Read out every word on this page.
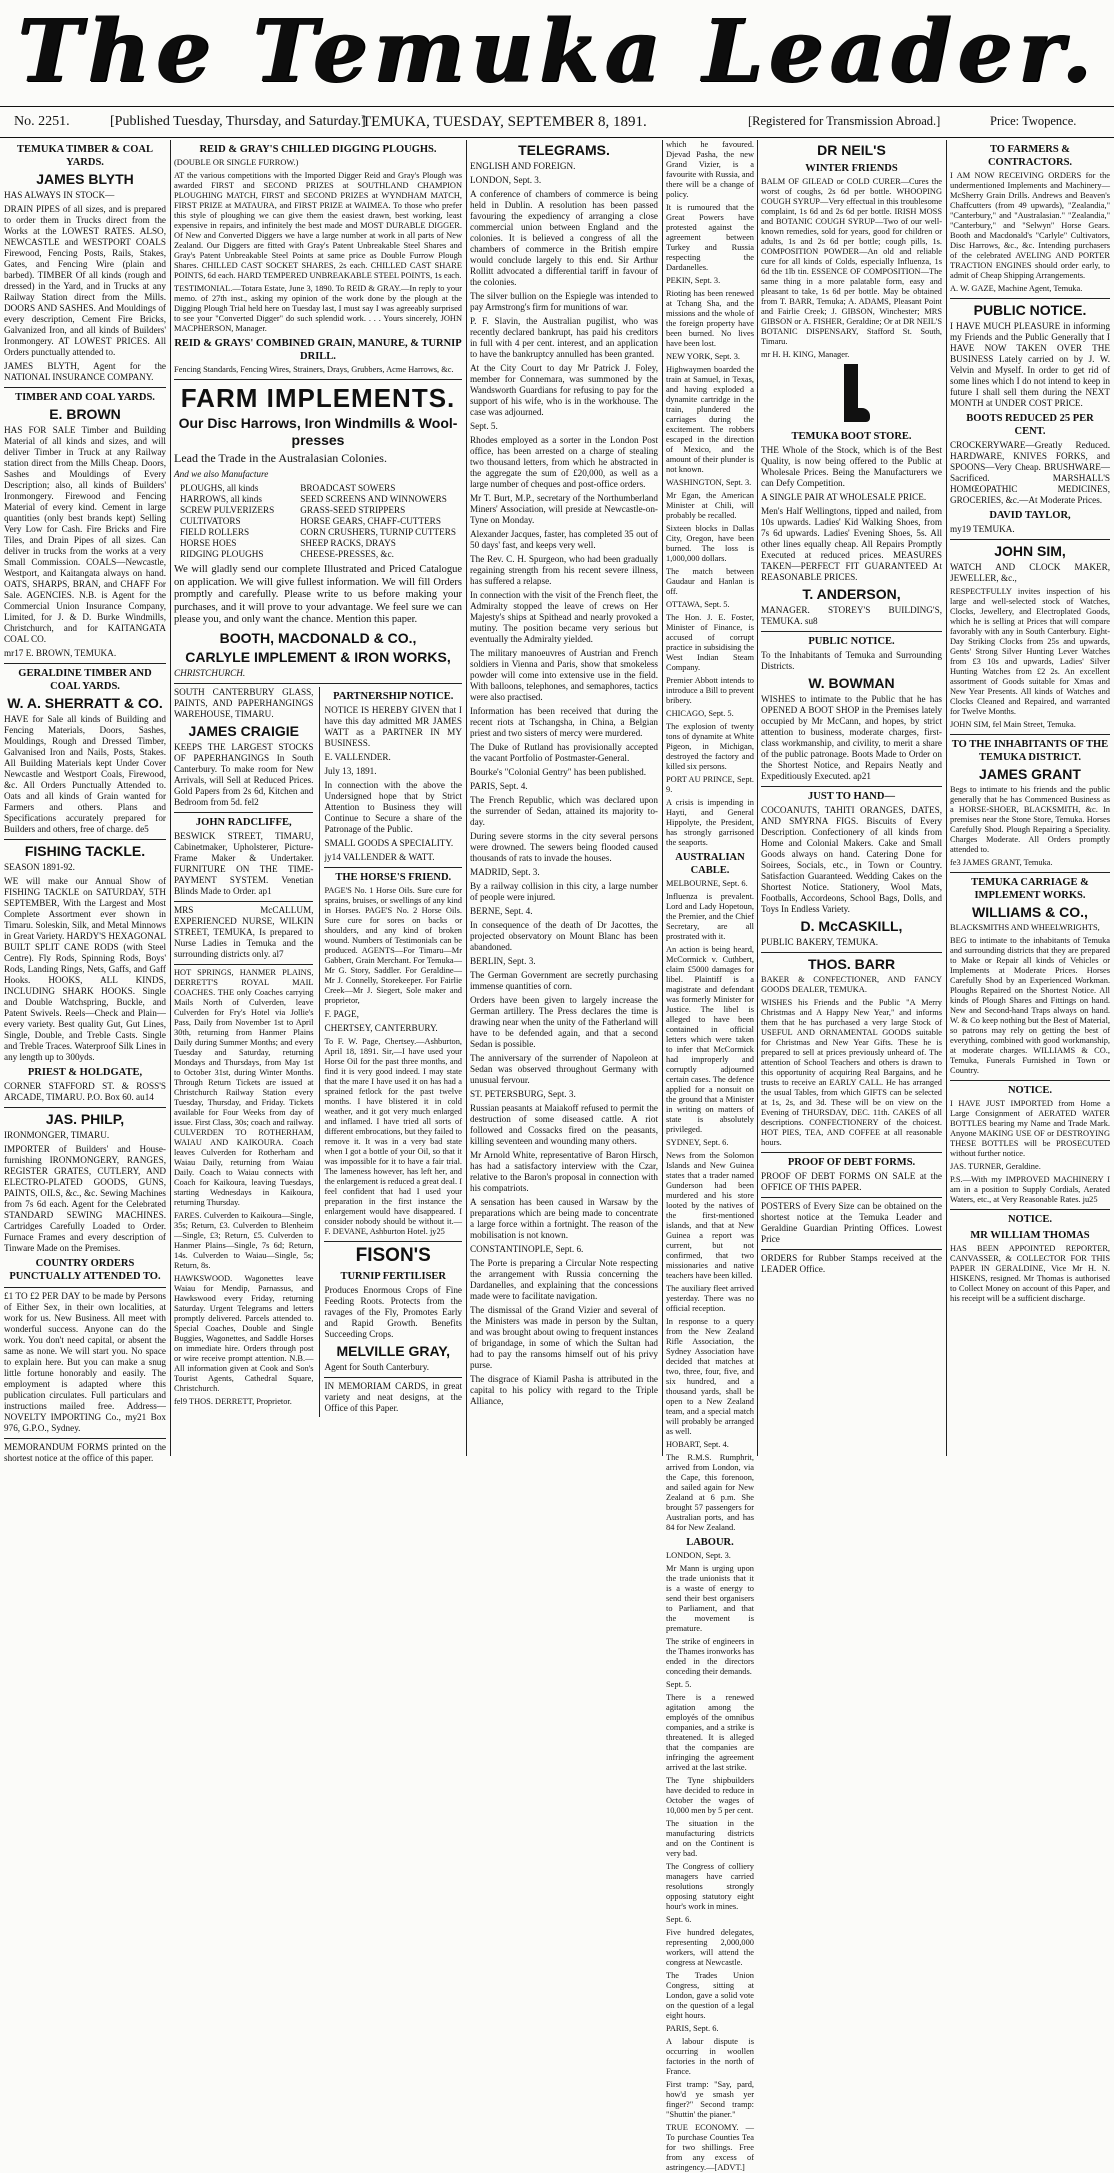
The Temuka Leader.
No. 2251.	[Published Tuesday, Thursday, and Saturday.]
TEMUKA, TUESDAY, SEPTEMBER 8, 1891.	[Registered for Transmission Abroad.]	Price: Twopence.
TEMUKA TIMBER & COAL YARDS.
JAMES BLYTH

HAS ALWAYS IN STOCK—

DRAIN PIPES of all sizes, and is prepared to order them in Trucks direct from the Works at the LOWEST RATES. ALSO, NEWCASTLE and WESTPORT COALS Firewood, Fencing Posts, Rails, Stakes, Gates, and Fencing Wire (plain and barbed). TIMBER Of all kinds (rough and dressed) in the Yard, and in Trucks at any Railway Station direct from the Mills. DOORS AND SASHES. And Mouldings of every description, Cement Fire Bricks, Galvanized Iron, and all kinds of Builders' Ironmongery. AT LOWEST PRICES. All Orders punctually attended to.

JAMES BLYTH, Agent for the NATIONAL INSURANCE COMPANY.

TIMBER AND COAL YARDS.
E. BROWN

HAS FOR SALE Timber and Building Material of all kinds and sizes, and will deliver Timber in Truck at any Railway station direct from the Mills Cheap. Doors, Sashes and Mouldings of Every Description; also, all kinds of Builders' Ironmongery. Firewood and Fencing Material of every kind. Cement in large quantities (only best brands kept) Selling Very Low for Cash. Fire Bricks and Fire Tiles, and Drain Pipes of all sizes. Can deliver in trucks from the works at a very Small Commission. COALS—Newcastle, Westport, and Kaitangata always on hand. OATS, SHARPS, BRAN, and CHAFF For Sale. AGENCIES. N.B. is Agent for the Commercial Union Insurance Company, Limited, for J. & D. Burke Windmills, Christchurch, and for KAITANGATA COAL CO.

mr17 E. BROWN, TEMUKA.

GERALDINE TIMBER AND COAL YARDS.
W. A. SHERRATT & CO.

HAVE for Sale all kinds of Building and Fencing Materials, Doors, Sashes, Mouldings, Rough and Dressed Timber, Galvanised Iron and Nails, Posts, Stakes. All Building Materials kept Under Cover Newcastle and Westport Coals, Firewood, &c. All Orders Punctually Attended to. Oats and all kinds of Grain wanted for Farmers and others. Plans and Specifications accurately prepared for Builders and others, free of charge. de5

FISHING TACKLE.

SEASON 1891-92.

WE will make our Annual Show of FISHING TACKLE on SATURDAY, 5TH SEPTEMBER, With the Largest and Most Complete Assortment ever shown in Timaru. Soleskin, Silk, and Metal Minnows in Great Variety. HARDY'S HEXAGONAL BUILT SPLIT CANE RODS (with Steel Centre). Fly Rods, Spinning Rods, Boys' Rods, Landing Rings, Nets, Gaffs, and Gaff Hooks. HOOKS, ALL KINDS, INCLUDING SHARK HOOKS. Single and Double Watchspring, Buckle, and Patent Swivels. Reels—Check and Plain—every variety. Best quality Gut, Gut Lines, Single, Double, and Treble Casts. Single and Treble Traces. Waterproof Silk Lines in any length up to 300yds.

PRIEST & HOLDGATE,

CORNER STAFFORD ST. & ROSS'S ARCADE, TIMARU. P.O. Box 60. au14

JAS. PHILP,

IRONMONGER, TIMARU.

IMPORTER of Builders' and House-furnishing IRONMONGERY, RANGES, REGISTER GRATES, CUTLERY, AND ELECTRO-PLATED GOODS, GUNS, PAINTS, OILS, &c., &c. Sewing Machines from 7s 6d each. Agent for the Celebrated STANDARD SEWING MACHINES. Cartridges Carefully Loaded to Order. Furnace Frames and every description of Tinware Made on the Premises.

COUNTRY ORDERS PUNCTUALLY ATTENDED TO.

£1 TO £2 PER DAY to be made by Persons of Either Sex, in their own localities, at work for us. New Business. All meet with wonderful success. Anyone can do the work. You don't need capital, or absent the same as none. We will start you. No space to explain here. But you can make a snug little fortune honorably and easily. The employment is adapted where this publication circulates. Full particulars and instructions mailed free. Address—NOVELTY IMPORTING Co., my21 Box 976, G.P.O., Sydney.

MEMORANDUM FORMS printed on the shortest notice at the office of this paper.

REID & GRAY'S CHILLED DIGGING PLOUGHS.

(DOUBLE OR SINGLE FURROW.)

AT the various competitions with the Imported Digger Reid and Gray's Plough was awarded FIRST and SECOND PRIZES at SOUTHLAND CHAMPION PLOUGHING MATCH, FIRST and SECOND PRIZES at WYNDHAM MATCH, FIRST PRIZE at MATAURA, and FIRST PRIZE at WAIMEA. To those who prefer this style of ploughing we can give them the easiest drawn, best working, least expensive in repairs, and infinitely the best made and MOST DURABLE DIGGER. Of New and Converted Diggers we have a large number at work in all parts of New Zealand. Our Diggers are fitted with Gray's Patent Unbreakable Steel Shares and Gray's Patent Unbreakable Steel Points at same price as Double Furrow Plough Shares. CHILLED CAST SOCKET SHARES, 2s each. CHILLED CAST SHARE POINTS, 6d each. HARD TEMPERED UNBREAKABLE STEEL POINTS, 1s each.

TESTIMONIAL.—Totara Estate, June 3, 1890. To REID & GRAY.—In reply to your memo. of 27th inst., asking my opinion of the work done by the plough at the Digging Plough Trial held here on Tuesday last, I must say I was agreeably surprised to see your "Converted Digger" do such splendid work. . . . Yours sincerely, JOHN MACPHERSON, Manager.

REID & GRAYS' COMBINED GRAIN, MANURE, & TURNIP DRILL.

Fencing Standards, Fencing Wires, Strainers, Drays, Grubbers, Acme Harrows, &c.

FARM IMPLEMENTS.
Our Disc Harrows, Iron Windmills & Wool-presses

Lead the Trade in the Australasian Colonies.

And we also Manufacture

PLOUGHS, all kinds
HARROWS, all kinds
SCREW PULVERIZERS
CULTIVATORS
FIELD ROLLERS
HORSE HOES
RIDGING PLOUGHS
BROADCAST SOWERS
SEED SCREENS AND WINNOWERS
GRASS-SEED STRIPPERS
HORSE GEARS, CHAFF-CUTTERS
CORN CRUSHERS, TURNIP CUTTERS
SHEEP RACKS, DRAYS
CHEESE-PRESSES, &c.

We will gladly send our complete Illustrated and Priced Catalogue on application. We will give fullest information. We will fill Orders promptly and carefully. Please write to us before making your purchases, and it will prove to your advantage. We feel sure we can please you, and only want the chance. Mention this paper.

BOOTH, MACDONALD & CO.,
CARLYLE IMPLEMENT & IRON WORKS,

CHRISTCHURCH.

SOUTH CANTERBURY GLASS, PAINTS, AND PAPERHANGINGS WAREHOUSE, TIMARU.

JAMES CRAIGIE

KEEPS THE LARGEST STOCKS OF PAPERHANGINGS In South Canterbury. To make room for New Arrivals, will Sell at Reduced Prices. Gold Papers from 2s 6d, Kitchen and Bedroom from 5d. fel2

JOHN RADCLIFFE,

BESWICK STREET, TIMARU, Cabinetmaker, Upholsterer, Picture-Frame Maker & Undertaker. FURNITURE ON THE TIME-PAYMENT SYSTEM. Venetian Blinds Made to Order. ap1

MRS McCALLUM, EXPERIENCED NURSE, WILKIN STREET, TEMUKA, Is prepared to Nurse Ladies in Temuka and the surrounding districts only. al7

HOT SPRINGS, HANMER PLAINS, DERRETT'S ROYAL MAIL COACHES. THE only Coaches carrying Mails North of Culverden, leave Culverden for Fry's Hotel via Jollie's Pass, Daily from November 1st to April 30th, returning from Hanmer Plains Daily during Summer Months; and every Tuesday and Saturday, returning Mondays and Thursdays, from May 1st to October 31st, during Winter Months. Through Return Tickets are issued at Christchurch Railway Station every Tuesday, Thursday, and Friday. Tickets available for Four Weeks from day of issue. First Class, 30s; coach and railway. CULVERDEN TO ROTHERHAM, WAIAU AND KAIKOURA. Coach leaves Culverden for Rotherham and Waiau Daily, returning from Waiau Daily. Coach to Waiau connects with Coach for Kaikoura, leaving Tuesdays, starting Wednesdays in Kaikoura, returning Thursday.

FARES. Culverden to Kaikoura—Single, 35s; Return, £3. Culverden to Blenheim—Single, £3; Return, £5. Culverden to Hanmer Plains—Single, 7s 6d; Return, 14s. Culverden to Waiau—Single, 5s; Return, 8s.

HAWKSWOOD. Wagonettes leave Waiau for Mendip, Parnassus, and Hawkswood every Friday, returning Saturday. Urgent Telegrams and letters promptly delivered. Parcels attended to. Special Coaches, Double and Single Buggies, Wagonettes, and Saddle Horses on immediate hire. Orders through post or wire receive prompt attention. N.B.—All information given at Cook and Son's Tourist Agents, Cathedral Square, Christchurch.

fel9 THOS. DERRETT, Proprietor.

PARTNERSHIP NOTICE.

NOTICE IS HEREBY GIVEN that I have this day admitted MR JAMES WATT as a PARTNER IN MY BUSINESS.

E. VALLENDER.

July 13, 1891.

In connection with the above the Undersigned hope that by Strict Attention to Business they will Continue to Secure a share of the Patronage of the Public.

SMALL GOODS A SPECIALITY.

jy14 VALLENDER & WATT.

THE HORSE'S FRIEND.

PAGE'S No. 1 Horse Oils. Sure cure for sprains, bruises, or swellings of any kind in Horses. PAGE'S No. 2 Horse Oils. Sure cure for sores on backs or shoulders, and any kind of broken wound. Numbers of Testimonials can be produced. AGENTS—For Timaru—Mr Gabbert, Grain Merchant. For Temuka—Mr G. Story, Saddler. For Geraldine—Mr J. Connelly, Storekeeper. For Fairlie Creek—Mr J. Siegert, Sole maker and proprietor,

F. PAGE,

CHERTSEY, CANTERBURY.

To F. W. Page, Chertsey.—Ashburton, April 18, 1891. Sir,—I have used your Horse Oil for the past three months, and find it is very good indeed. I may state that the mare I have used it on has had a sprained fetlock for the past twelve months. I have blistered it in cold weather, and it got very much enlarged and inflamed. I have tried all sorts of different embrocations, but they failed to remove it. It was in a very bad state when I got a bottle of your Oil, so that it was impossible for it to have a fair trial. The lameness however, has left her, and the enlargement is reduced a great deal. I feel confident that had I used your preparation in the first instance the enlargement would have disappeared. I consider nobody should be without it.—F. DEVANE, Ashburton Hotel. jy25

FISON'S
TURNIP FERTILISER

Produces Enormous Crops of Fine Feeding Roots. Protects from the ravages of the Fly, Promotes Early and Rapid Growth. Benefits Succeeding Crops.

MELVILLE GRAY,

Agent for South Canterbury.

IN MEMORIAM CARDS, in great variety and neat designs, at the Office of this Paper.

TELEGRAMS.

ENGLISH AND FOREIGN.

LONDON, Sept. 3.

A conference of chambers of commerce is being held in Dublin. A resolution has been passed favouring the expediency of arranging a close commercial union between England and the colonies. It is believed a congress of all the chambers of commerce in the British empire would conclude largely to this end. Sir Arthur Rollitt advocated a differential tariff in favour of the colonies.

The silver bullion on the Espiegle was intended to pay Armstrong's firm for munitions of war.

P. F. Slavin, the Australian pugilist, who was recently declared bankrupt, has paid his creditors in full with 4 per cent. interest, and an application to have the bankruptcy annulled has been granted.

At the City Court to day Mr Patrick J. Foley, member for Connemara, was summoned by the Wandsworth Guardians for refusing to pay for the support of his wife, who is in the workhouse. The case was adjourned.

Sept. 5.

Rhodes employed as a sorter in the London Post office, has been arrested on a charge of stealing two thousand letters, from which he abstracted in the aggregate the sum of £20,000, as well as a large number of cheques and post-office orders.

Mr T. Burt, M.P., secretary of the Northumberland Miners' Association, will preside at Newcastle-on-Tyne on Monday.

Alexander Jacques, faster, has completed 35 out of 50 days' fast, and keeps very well.

The Rev. C. H. Spurgeon, who had been gradually regaining strength from his recent severe illness, has suffered a relapse.

In connection with the visit of the French fleet, the Admiralty stopped the leave of crews on Her Majesty's ships at Spithead and nearly provoked a mutiny. The position became very serious but eventually the Admiralty yielded.

The military manoeuvres of Austrian and French soldiers in Vienna and Paris, show that smokeless powder will come into extensive use in the field. With balloons, telephones, and semaphores, tactics were also practised.

Information has been received that during the recent riots at Tschangsha, in China, a Belgian priest and two sisters of mercy were murdered.

The Duke of Rutland has provisionally accepted the vacant Portfolio of Postmaster-General.

Bourke's "Colonial Gentry" has been published.

PARIS, Sept. 4.

The French Republic, which was declared upon the surrender of Sedan, attained its majority to-day.

During severe storms in the city several persons were drowned. The sewers being flooded caused thousands of rats to invade the houses.

MADRID, Sept. 3.

By a railway collision in this city, a large number of people were injured.

BERNE, Sept. 4.

In consequence of the death of Dr Jacottes, the projected observatory on Mount Blanc has been abandoned.

BERLIN, Sept. 3.

The German Government are secretly purchasing immense quantities of corn.

Orders have been given to largely increase the German artillery. The Press declares the time is drawing near when the unity of the Fatherland will have to be defended again, and that a second Sedan is possible.

The anniversary of the surrender of Napoleon at Sedan was observed throughout Germany with unusual fervour.

ST. PETERSBURG, Sept. 3.

Russian peasants at Maiakoff refused to permit the destruction of some diseased cattle. A riot followed and Cossacks fired on the peasants, killing seventeen and wounding many others.

Mr Arnold White, representative of Baron Hirsch, has had a satisfactory interview with the Czar, relative to the Baron's proposal in connection with his compatriots.

A sensation has been caused in Warsaw by the preparations which are being made to concentrate a large force within a fortnight. The reason of the mobilisation is not known.

CONSTANTINOPLE, Sept. 6.

The Porte is preparing a Circular Note respecting the arrangement with Russia concerning the Dardanelles, and explaining that the concessions made were to facilitate navigation.

The dismissal of the Grand Vizier and several of the Ministers was made in person by the Sultan, and was brought about owing to frequent instances of brigandage, in some of which the Sultan had had to pay the ransoms himself out of his privy purse.

The disgrace of Kiamil Pasha is attributed in the capital to his policy with regard to the Triple Alliance,

which he favoured. Djevad Pasha, the new Grand Vizier, is a favourite with Russia, and there will be a change of policy.

It is rumoured that the Great Powers have protested against the agreement between Turkey and Russia respecting the Dardanelles.

PEKIN, Sept. 3.

Rioting has been renewed at Tchang Sha, and the missions and the whole of the foreign property have been burned. No lives have been lost.

NEW YORK, Sept. 3.

Highwaymen boarded the train at Samuel, in Texas, and having exploded a dynamite cartridge in the train, plundered the carriages during the excitement. The robbers escaped in the direction of Mexico, and the amount of their plunder is not known.

WASHINGTON, Sept. 3.

Mr Egan, the American Minister at Chili, will probably be recalled.

Sixteen blocks in Dallas City, Oregon, have been burned. The loss is 1,000,000 dollars.

The match between Gaudaur and Hanlan is off.

OTTAWA, Sept. 5.

The Hon. J. E. Foster, Minister of Finance, is accused of corrupt practice in subsidising the West Indian Steam Company.

Premier Abbott intends to introduce a Bill to prevent bribery.

CHICAGO, Sept. 5.

The explosion of twenty tons of dynamite at White Pigeon, in Michigan, destroyed the factory and killed six persons.

PORT AU PRINCE, Sept. 9.

A crisis is impending in Hayti, and General Hippolyte, the President, has strongly garrisoned the seaports.

AUSTRALIAN CABLE.

MELBOURNE, Sept. 6.

Influenza is prevalent. Lord and Lady Hopetoun, the Premier, and the Chief Secretary, are all prostrated with it.

An action is being heard, McCormick v. Cuthbert, claim £5000 damages for libel. Plaintiff is a magistrate and defendant was formerly Minister for Justice. The libel is alleged to have been contained in official letters which were taken to infer that McCormick had improperly and corruptly adjourned certain cases. The defence applied for a nonsuit on the ground that a Minister in writing on matters of state is absolutely privileged.

SYDNEY, Sept. 6.

News from the Solomon Islands and New Guinea states that a trader named Gunderson had been murdered and his store looted by the natives of the first-mentioned islands, and that at New Guinea a report was current, but not confirmed, that two missionaries and native teachers have been killed.

The auxiliary fleet arrived yesterday. There was no official reception.

In response to a query from the New Zealand Rifle Association, the Sydney Association have decided that matches at two, three, four, five, and six hundred, and a thousand yards, shall be open to a New Zealand team, and a special match will probably be arranged as well.

HOBART, Sept. 4.

The R.M.S. Rumphrit, arrived from London, via the Cape, this forenoon, and sailed again for New Zealand at 6 p.m. She brought 57 passengers for Australian ports, and has 84 for New Zealand.

LABOUR.

LONDON, Sept. 3.

Mr Mann is urging upon the trade unionists that it is a waste of energy to send their best organisers to Parliament, and that the movement is premature.

The strike of engineers in the Thames ironworks has ended in the directors conceding their demands.

Sept. 5.

There is a renewed agitation among the employés of the omnibus companies, and a strike is threatened. It is alleged that the companies are infringing the agreement arrived at the last strike.

The Tyne shipbuilders have decided to reduce in October the wages of 10,000 men by 5 per cent.

The situation in the manufacturing districts and on the Continent is very bad.

The Congress of colliery managers have carried resolutions strongly opposing statutory eight hour's work in mines.

Sept. 6.

Five hundred delegates, representing 2,000,000 workers, will attend the congress at Newcastle.

The Trades Union Congress, sitting at London, gave a solid vote on the question of a legal eight hours.

PARIS, Sept. 6.

A labour dispute is occurring in woollen factories in the north of France.

First tramp: "Say, pard, how'd ye smash yer finger?" Second tramp: "Shuttin' the pianer."

TRUE ECONOMY. — To purchase Counties Tea for two shillings. Free from any excess of astringency.—[ADVT.]

DR NEIL'S
WINTER FRIENDS

BALM OF GILEAD or COLD CURER—Cures the worst of coughs, 2s 6d per bottle. WHOOPING COUGH SYRUP—Very effectual in this troublesome complaint, 1s 6d and 2s 6d per bottle. IRISH MOSS and BOTANIC COUGH SYRUP—Two of our well-known remedies, sold for years, good for children or adults, 1s and 2s 6d per bottle; cough pills, 1s. COMPOSITION POWDER—An old and reliable cure for all kinds of Colds, especially Influenza, 1s 6d the 1lb tin. ESSENCE OF COMPOSITION—The same thing in a more palatable form, easy and pleasant to take, 1s 6d per bottle. May be obtained from T. BARR, Temuka; A. ADAMS, Pleasant Point and Fairlie Creek; J. GIBSON, Winchester; MRS GIBSON or A. FISHER, Geraldine; Or at DR NEIL'S BOTANIC DISPENSARY, Stafford St. South, Timaru.

mr H. H. KING, Manager.

TEMUKA BOOT STORE.

THE Whole of the Stock, which is of the Best Quality, is now being offered to the Public at Wholesale Prices. Being the Manufacturers we can Defy Competition.

A SINGLE PAIR AT WHOLESALE PRICE.

Men's Half Wellingtons, tipped and nailed, from 10s upwards. Ladies' Kid Walking Shoes, from 7s 6d upwards. Ladies' Evening Shoes, 5s. All other lines equally cheap. All Repairs Promptly Executed at reduced prices. MEASURES TAKEN—PERFECT FIT GUARANTEED At REASONABLE PRICES.

T. ANDERSON,

MANAGER. STOREY'S BUILDING'S, TEMUKA. su8

PUBLIC NOTICE.

To the Inhabitants of Temuka and Surrounding Districts.

W. BOWMAN

WISHES to intimate to the Public that he has OPENED A BOOT SHOP in the Premises lately occupied by Mr McCann, and hopes, by strict attention to business, moderate charges, first-class workmanship, and civility, to merit a share of the public patronage. Boots Made to Order on the Shortest Notice, and Repairs Neatly and Expeditiously Executed. ap21

JUST TO HAND—

COCOANUTS, TAHITI ORANGES, DATES, AND SMYRNA FIGS. Biscuits of Every Description. Confectionery of all kinds from Home and Colonial Makers. Cake and Small Goods always on hand. Catering Done for Soirees, Socials, etc., in Town or Country. Satisfaction Guaranteed. Wedding Cakes on the Shortest Notice. Stationery, Wool Mats, Footballs, Accordeons, School Bags, Dolls, and Toys In Endless Variety.

D. McCASKILL,

PUBLIC BAKERY, TEMUKA.

THOS. BARR

BAKER & CONFECTIONER, AND FANCY GOODS DEALER, TEMUKA.

WISHES his Friends and the Public "A Merry Christmas and A Happy New Year," and informs them that he has purchased a very large Stock of USEFUL AND ORNAMENTAL GOODS suitable for Christmas and New Year Gifts. These he is prepared to sell at prices previously unheard of. The attention of School Teachers and others is drawn to this opportunity of acquiring Real Bargains, and he trusts to receive an EARLY CALL. He has arranged the usual Tables, from which GIFTS can be selected at 1s, 2s, and 3d. These will be on view on the Evening of THURSDAY, DEC. 11th. CAKES of all descriptions. CONFECTIONERY of the choicest. HOT PIES, TEA, AND COFFEE at all reasonable hours.

PROOF OF DEBT FORMS.

PROOF OF DEBT FORMS ON SALE at the OFFICE OF THIS PAPER.

POSTERS of Every Size can be obtained on the shortest notice at the Temuka Leader and Geraldine Guardian Printing Offices. Lowest Price

ORDERS for Rubber Stamps received at the LEADER Office.

TO FARMERS & CONTRACTORS.

I AM NOW RECEIVING ORDERS for the undermentioned Implements and Machinery— McSherry Grain Drills. Andrews and Beaven's Chaffcutters (from 49 upwards), "Zealandia," "Canterbury," and "Australasian." "Zealandia," "Canterbury," and "Selwyn" Horse Gears. Booth and Macdonald's "Carlyle" Cultivators, Disc Harrows, &c., &c. Intending purchasers of the celebrated AVELING AND PORTER TRACTION ENGINES should order early, to admit of Cheap Shipping Arrangements.

A. W. GAZE, Machine Agent, Temuka.

PUBLIC NOTICE.

I HAVE MUCH PLEASURE in informing my Friends and the Public Generally that I HAVE NOW TAKEN OVER THE BUSINESS Lately carried on by J. W. Velvin and Myself. In order to get rid of some lines which I do not intend to keep in future I shall sell them during the NEXT MONTH at UNDER COST PRICE.

BOOTS REDUCED 25 PER CENT.

CROCKERYWARE—Greatly Reduced. HARDWARE, KNIVES FORKS, and SPOONS—Very Cheap. BRUSHWARE—Sacrificed. MARSHALL'S HOMŒOPATHIC MEDICINES, GROCERIES, &c.—At Moderate Prices.

DAVID TAYLOR,

my19 TEMUKA.

JOHN SIM,

WATCH AND CLOCK MAKER, JEWELLER, &c.,

RESPECTFULLY invites inspection of his large and well-selected stock of Watches, Clocks, Jewellery, and Electroplated Goods, which he is selling at Prices that will compare favorably with any in South Canterbury. Eight-Day Striking Clocks from 25s and upwards, Gents' Strong Silver Hunting Lever Watches from £3 10s and upwards, Ladies' Silver Hunting Watches from £2 2s. An excellent assortment of Goods suitable for Xmas and New Year Presents. All kinds of Watches and Clocks Cleaned and Repaired, and warranted for Twelve Months.

JOHN SIM, fel Main Street, Temuka.

TO THE INHABITANTS OF THE TEMUKA DISTRICT.
JAMES GRANT

Begs to intimate to his friends and the public generally that he has Commenced Business as a HORSE-SHOER, BLACKSMITH, &c. In premises near the Stone Store, Temuka. Horses Carefully Shod. Plough Repairing a Speciality. Charges Moderate. All Orders promptly attended to.

fe3 JAMES GRANT, Temuka.

TEMUKA CARRIAGE & IMPLEMENT WORKS.
WILLIAMS & CO.,

BLACKSMITHS AND WHEELWRIGHTS,

BEG to intimate to the inhabitants of Temuka and surrounding districts that they are prepared to Make or Repair all kinds of Vehicles or Implements at Moderate Prices. Horses Carefully Shod by an Experienced Workman. Ploughs Repaired on the Shortest Notice. All kinds of Plough Shares and Fittings on hand. New and Second-hand Traps always on hand. W. & Co keep nothing but the Best of Material, so patrons may rely on getting the best of everything, combined with good workmanship, at moderate charges. WILLIAMS & CO., Temuka, Funerals Furnished in Town or Country.

NOTICE.

I HAVE JUST IMPORTED from Home a Large Consignment of AERATED WATER BOTTLES bearing my Name and Trade Mark. Anyone MAKING USE OF or DESTROYING THESE BOTTLES will be PROSECUTED without further notice.

JAS. TURNER, Geraldine.

P.S.—With my IMPROVED MACHINERY I am in a position to Supply Cordials, Aerated Waters, etc., at Very Reasonable Rates. ju25

NOTICE.
MR WILLIAM THOMAS

HAS BEEN APPOINTED REPORTER, CANVASSER, & COLLECTOR FOR THIS PAPER IN GERALDINE, Vice Mr H. N. HISKENS, resigned. Mr Thomas is authorised to Collect Money on account of this Paper, and his receipt will be a sufficient discharge.
